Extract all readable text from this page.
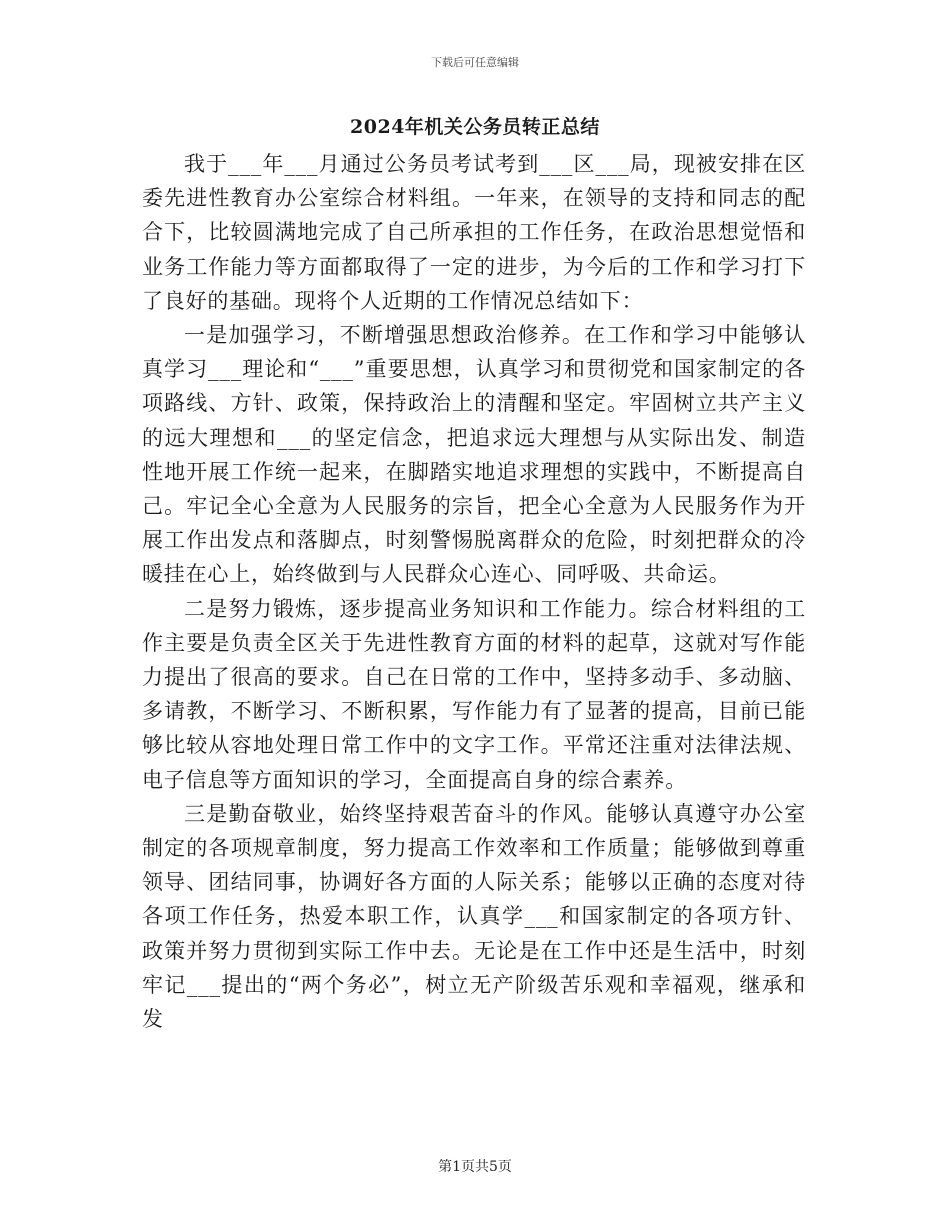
下载后可任意编辑
2024年机关公务员转正总结

我于___年___月通过公务员考试考到___区___局，现被安排在区委先进性教育办公室综合材料组。一年来，在领导的支持和同志的配合下，比较圆满地完成了自己所承担的工作任务，在政治思想觉悟和业务工作能力等方面都取得了一定的进步，为今后的工作和学习打下了良好的基础。现将个人近期的工作情况总结如下：

一是加强学习，不断增强思想政治修养。在工作和学习中能够认真学习___理论和“___”重要思想，认真学习和贯彻党和国家制定的各项路线、方针、政策，保持政治上的清醒和坚定。牢固树立共产主义的远大理想和___的坚定信念，把追求远大理想与从实际出发、制造性地开展工作统一起来，在脚踏实地追求理想的实践中，不断提高自己。牢记全心全意为人民服务的宗旨，把全心全意为人民服务作为开展工作出发点和落脚点，时刻警惕脱离群众的危险，时刻把群众的冷暖挂在心上，始终做到与人民群众心连心、同呼吸、共命运。

二是努力锻炼，逐步提高业务知识和工作能力。综合材料组的工作主要是负责全区关于先进性教育方面的材料的起草，这就对写作能力提出了很高的要求。自己在日常的工作中，坚持多动手、多动脑、多请教，不断学习、不断积累，写作能力有了显著的提高，目前已能够比较从容地处理日常工作中的文字工作。平常还注重对法律法规、电子信息等方面知识的学习，全面提高自身的综合素养。

三是勤奋敬业，始终坚持艰苦奋斗的作风。能够认真遵守办公室制定的各项规章制度，努力提高工作效率和工作质量；能够做到尊重领导、团结同事，协调好各方面的人际关系；能够以正确的态度对待各项工作任务，热爱本职工作，认真学___和国家制定的各项方针、政策并努力贯彻到实际工作中去。无论是在工作中还是生活中，时刻牢记___提出的“两个务必”，树立无产阶级苦乐观和幸福观，继承和发

第1页共5页
